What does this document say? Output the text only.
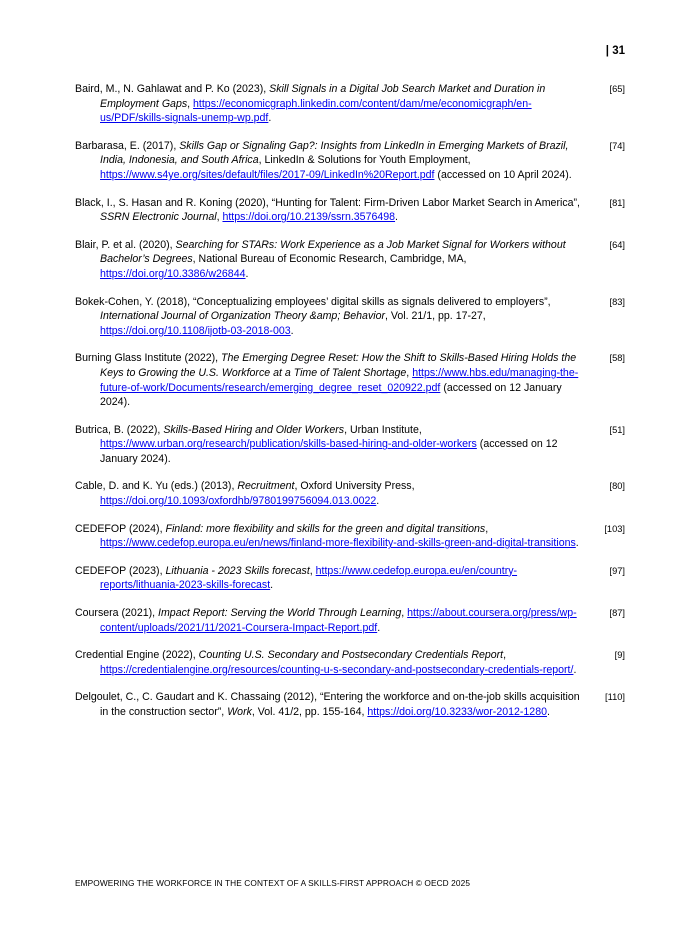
| 31

Baird, M., N. Gahlawat and P. Ko (2023), Skill Signals in a Digital Job Search Market and Duration in Employment Gaps, https://economicgraph.linkedin.com/content/dam/me/economicgraph/en-us/PDF/skills-signals-unemp-wp.pdf.

[65]

Barbarasa, E. (2017), Skills Gap or Signaling Gap?: Insights from LinkedIn in Emerging Markets of Brazil, India, Indonesia, and South Africa, LinkedIn & Solutions for Youth Employment, https://www.s4ye.org/sites/default/files/2017-09/LinkedIn%20Report.pdf (accessed on 10 April 2024).

[74]

Black, I., S. Hasan and R. Koning (2020), “Hunting for Talent: Firm-Driven Labor Market Search in America”, SSRN Electronic Journal, https://doi.org/10.2139/ssrn.3576498.

[81]

Blair, P. et al. (2020), Searching for STARs: Work Experience as a Job Market Signal for Workers without Bachelor’s Degrees, National Bureau of Economic Research, Cambridge, MA, https://doi.org/10.3386/w26844.

[64]

Bokek-Cohen, Y. (2018), “Conceptualizing employees’ digital skills as signals delivered to employers”, International Journal of Organization Theory &amp; Behavior, Vol. 21/1, pp. 17-27, https://doi.org/10.1108/ijotb-03-2018-003.

[83]

Burning Glass Institute (2022), The Emerging Degree Reset: How the Shift to Skills-Based Hiring Holds the Keys to Growing the U.S. Workforce at a Time of Talent Shortage, https://www.hbs.edu/managing-the-future-of-work/Documents/research/emerging_degree_reset_020922.pdf (accessed on 12 January 2024).

[58]

Butrica, B. (2022), Skills-Based Hiring and Older Workers, Urban Institute, https://www.urban.org/research/publication/skills-based-hiring-and-older-workers (accessed on 12 January 2024).

[51]

Cable, D. and K. Yu (eds.) (2013), Recruitment, Oxford University Press, https://doi.org/10.1093/oxfordhb/9780199756094.013.0022.

[80]

CEDEFOP (2024), Finland: more flexibility and skills for the green and digital transitions, https://www.cedefop.europa.eu/en/news/finland-more-flexibility-and-skills-green-and-digital-transitions.

[103]

CEDEFOP (2023), Lithuania - 2023 Skills forecast, https://www.cedefop.europa.eu/en/country-reports/lithuania-2023-skills-forecast.

[97]

Coursera (2021), Impact Report: Serving the World Through Learning, https://about.coursera.org/press/wp-content/uploads/2021/11/2021-Coursera-Impact-Report.pdf.

[87]

Credential Engine (2022), Counting U.S. Secondary and Postsecondary Credentials Report, https://credentialengine.org/resources/counting-u-s-secondary-and-postsecondary-credentials-report/.

[9]

Delgoulet, C., C. Gaudart and K. Chassaing (2012), “Entering the workforce and on-the-job skills acquisition in the construction sector”, Work, Vol. 41/2, pp. 155-164, https://doi.org/10.3233/wor-2012-1280.

[110]
EMPOWERING THE WORKFORCE IN THE CONTEXT OF A SKILLS-FIRST APPROACH © OECD 2025
